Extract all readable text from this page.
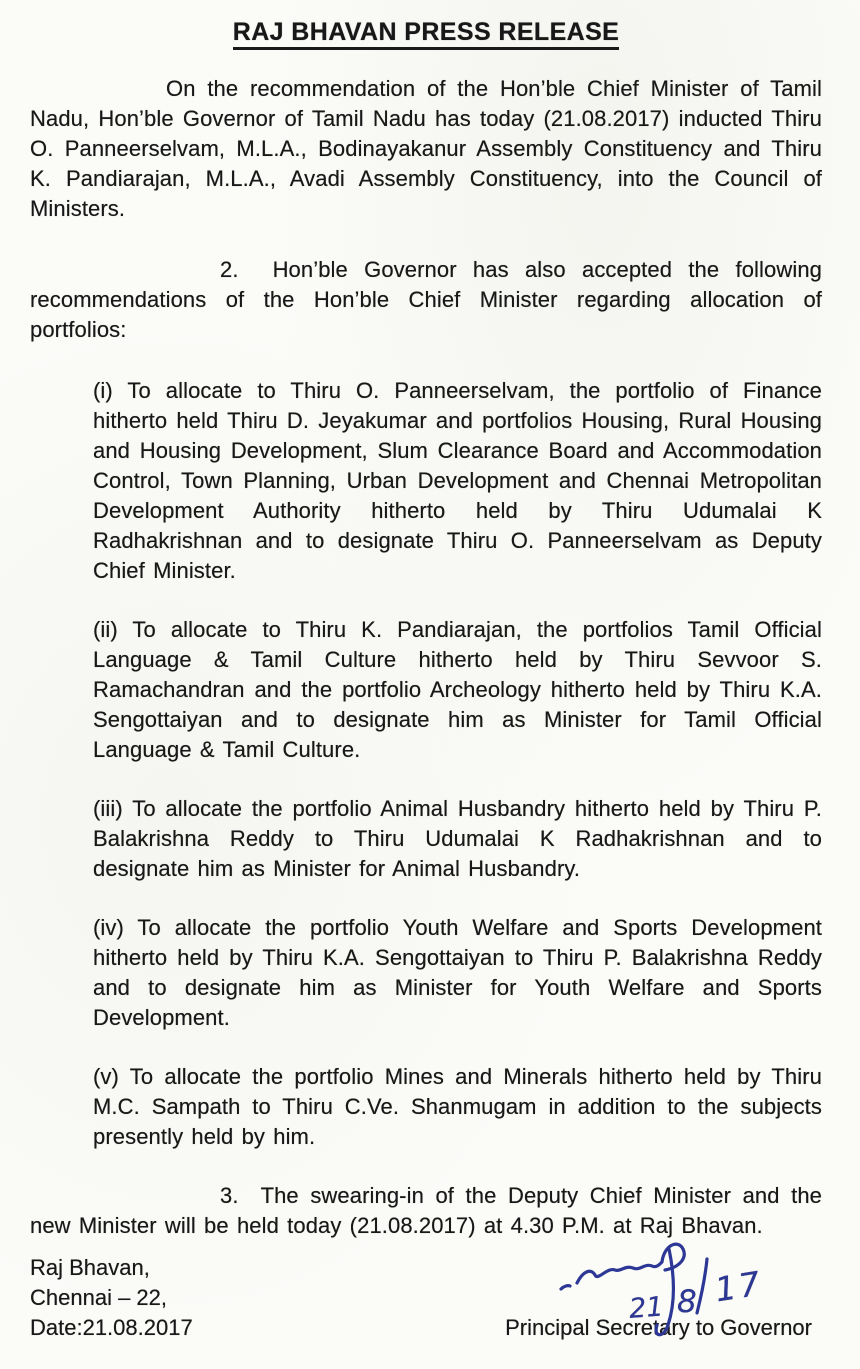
RAJ BHAVAN PRESS RELEASE

On the recommendation of the Hon’ble Chief Minister of Tamil Nadu, Hon’ble Governor of Tamil Nadu has today (21.08.2017) inducted Thiru O. Panneerselvam, M.L.A., Bodinayakanur Assembly Constituency and Thiru K. Pandiarajan, M.L.A., Avadi Assembly Constituency, into the Council of Ministers.

2. Hon’ble Governor has also accepted the following recommendations of the Hon’ble Chief Minister regarding allocation of portfolios:

(i) To allocate to Thiru O. Panneerselvam, the portfolio of Finance hitherto held Thiru D. Jeyakumar and portfolios Housing, Rural Housing and Housing Development, Slum Clearance Board and Accommodation Control, Town Planning, Urban Development and Chennai Metropolitan Development Authority hitherto held by Thiru Udumalai K Radhakrishnan and to designate Thiru O. Panneerselvam as Deputy Chief Minister.

(ii) To allocate to Thiru K. Pandiarajan, the portfolios Tamil Official Language & Tamil Culture hitherto held by Thiru Sevvoor S. Ramachandran and the portfolio Archeology hitherto held by Thiru K.A. Sengottaiyan and to designate him as Minister for Tamil Official Language & Tamil Culture.

(iii) To allocate the portfolio Animal Husbandry hitherto held by Thiru P. Balakrishna Reddy to Thiru Udumalai K Radhakrishnan and to designate him as Minister for Animal Husbandry.

(iv) To allocate the portfolio Youth Welfare and Sports Development hitherto held by Thiru K.A. Sengottaiyan to Thiru P. Balakrishna Reddy and to designate him as Minister for Youth Welfare and Sports Development.

(v) To allocate the portfolio Mines and Minerals hitherto held by Thiru M.C. Sampath to Thiru C.Ve. Shanmugam in addition to the subjects presently held by him.

3. The swearing-in of the Deputy Chief Minister and the new Minister will be held today (21.08.2017) at 4.30 P.M. at Raj Bhavan.

Raj Bhavan,
Chennai – 22,
Date:21.08.2017
21 8 17
Principal Secretary to Governor
